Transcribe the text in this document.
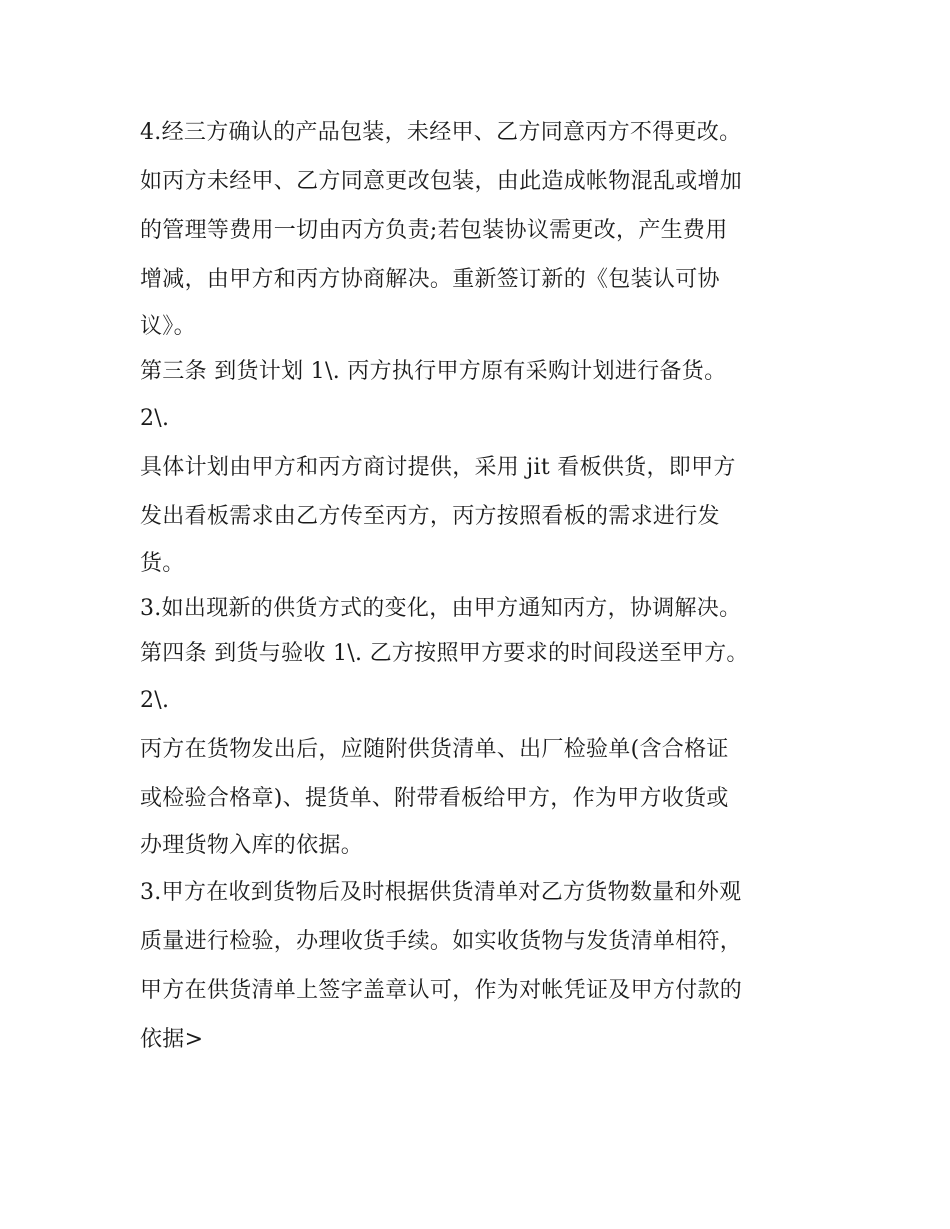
4.经三方确认的产品包装，未经甲、乙方同意丙方不得更改。
如丙方未经甲、乙方同意更改包装，由此造成帐物混乱或增加
的管理等费用一切由丙方负责;若包装协议需更改，产生费用
增减，由甲方和丙方协商解决。重新签订新的《包装认可协
议》。
第三条 到货计划 1\. 丙方执行甲方原有采购计划进行备货。
2\.
具体计划由甲方和丙方商讨提供，采用 jit 看板供货，即甲方
发出看板需求由乙方传至丙方，丙方按照看板的需求进行发
货。
3.如出现新的供货方式的变化，由甲方通知丙方，协调解决。
第四条 到货与验收 1\. 乙方按照甲方要求的时间段送至甲方。
2\.
丙方在货物发出后，应随附供货清单、出厂检验单(含合格证
或检验合格章)、提货单、附带看板给甲方，作为甲方收货或
办理货物入库的依据。
3.甲方在收到货物后及时根据供货清单对乙方货物数量和外观
质量进行检验，办理收货手续。如实收货物与发货清单相符，
甲方在供货清单上签字盖章认可，作为对帐凭证及甲方付款的
依据>
